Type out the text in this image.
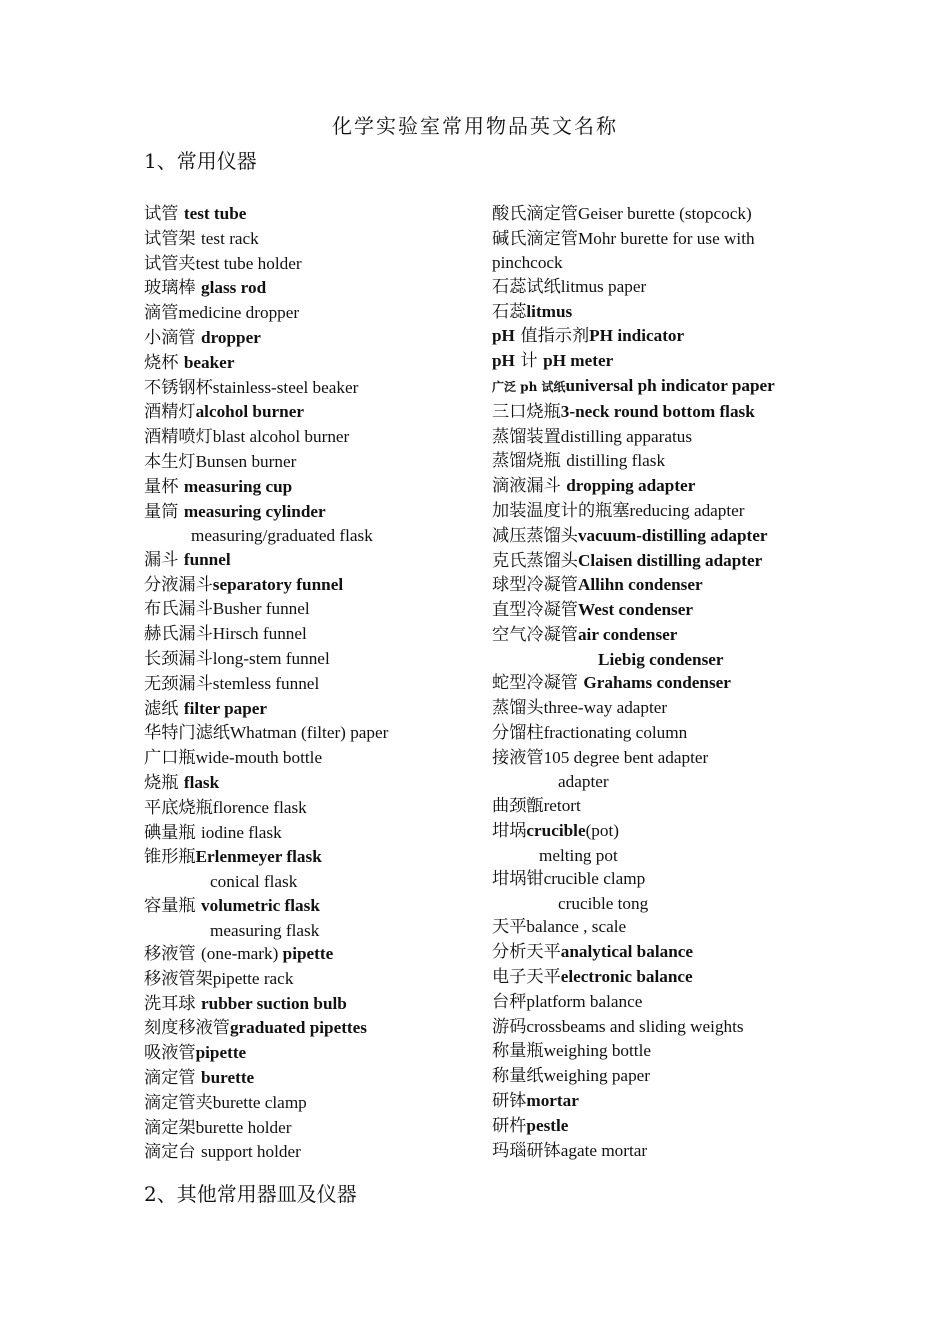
化学实验室常用物品英文名称
1、常用仪器
试管 test tube
试管架 test rack
试管夹test tube holder
玻璃棒 glass rod
滴管medicine dropper
小滴管 dropper
烧杯 beaker
不锈钢杯stainless-steel beaker
酒精灯alcohol burner
酒精喷灯blast alcohol burner
本生灯Bunsen burner
量杯 measuring cup
量筒 measuring cylinder
measuring/graduated flask
漏斗 funnel
分液漏斗separatory funnel
布氏漏斗Busher funnel
赫氏漏斗Hirsch funnel
长颈漏斗long-stem funnel
无颈漏斗stemless funnel
滤纸 filter paper
华特门滤纸Whatman (filter) paper
广口瓶wide-mouth bottle
烧瓶 flask
平底烧瓶florence flask
碘量瓶 iodine flask
锥形瓶Erlenmeyer flask
conical flask
容量瓶 volumetric flask
measuring flask
移液管 (one-mark) pipette
移液管架pipette rack
洗耳球 rubber suction bulb
刻度移液管graduated pipettes
吸液管pipette
滴定管 burette
滴定管夹burette clamp
滴定架burette holder
滴定台 support holder
酸氏滴定管Geiser burette (stopcock)
碱氏滴定管Mohr burette for use with pinchcock
石蕊试纸litmus paper
石蕊litmus
pH 值指示剂PH indicator
pH 计 pH meter
广泛 ph 试纸universal ph indicator paper
三口烧瓶3-neck round bottom flask
蒸馏装置distilling apparatus
蒸馏烧瓶 distilling flask
滴液漏斗 dropping adapter
加装温度计的瓶塞reducing adapter
减压蒸馏头vacuum-distilling adapter
克氏蒸馏头Claisen distilling adapter
球型冷凝管Allihn condenser
直型冷凝管West condenser
空气冷凝管air condenser
Liebig condenser
蛇型冷凝管 Grahams condenser
蒸馏头three-way adapter
分馏柱fractionating column
接液管105 degree bent adapter
adapter
曲颈甑retort
坩埚crucible(pot)
melting pot
坩埚钳crucible clamp
crucible tong
天平balance , scale
分析天平analytical balance
电子天平electronic balance
台秤platform balance
游码crossbeams and sliding weights
称量瓶weighing bottle
称量纸weighing paper
研钵mortar
研杵pestle
玛瑙研钵agate mortar
2、其他常用器皿及仪器
